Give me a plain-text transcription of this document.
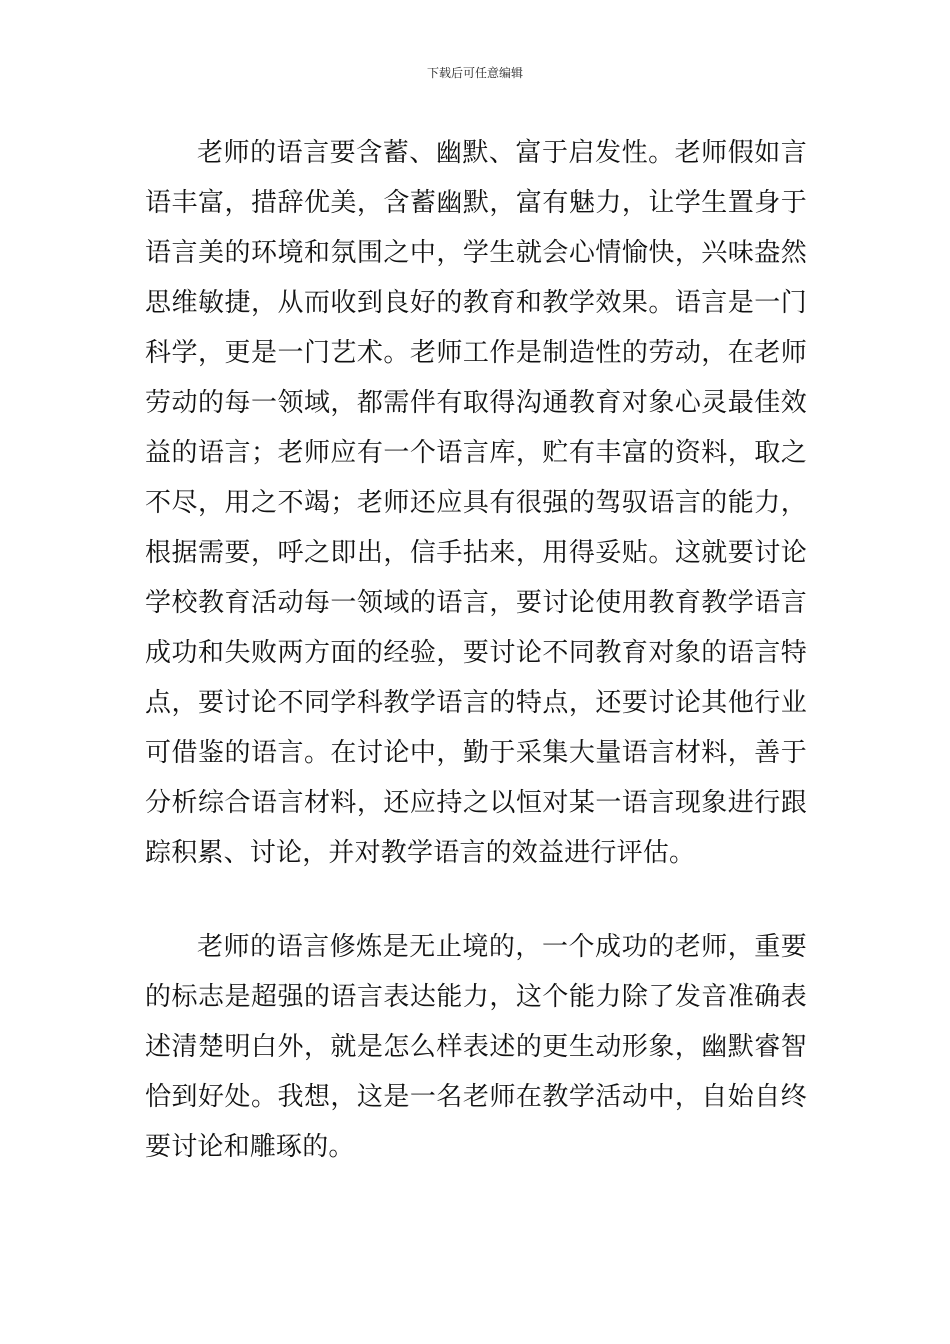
下载后可任意编辑

老师的语言要含蓄、幽默、富于启发性。老师假如言语丰富，措辞优美，含蓄幽默，富有魅力，让学生置身于语言美的环境和氛围之中，学生就会心情愉快，兴味盎然思维敏捷，从而收到良好的教育和教学效果。语言是一门科学，更是一门艺术。老师工作是制造性的劳动，在老师劳动的每一领域，都需伴有取得沟通教育对象心灵最佳效益的语言；老师应有一个语言库，贮有丰富的资料，取之不尽，用之不竭；老师还应具有很强的驾驭语言的能力，根据需要，呼之即出，信手拈来，用得妥贴。这就要讨论学校教育活动每一领域的语言，要讨论使用教育教学语言成功和失败两方面的经验，要讨论不同教育对象的语言特点，要讨论不同学科教学语言的特点，还要讨论其他行业可借鉴的语言。在讨论中，勤于采集大量语言材料，善于分析综合语言材料，还应持之以恒对某一语言现象进行跟踪积累、讨论，并对教学语言的效益进行评估。

老师的语言修炼是无止境的，一个成功的老师，重要的标志是超强的语言表达能力，这个能力除了发音准确表述清楚明白外，就是怎么样表述的更生动形象，幽默睿智恰到好处。我想，这是一名老师在教学活动中，自始自终要讨论和雕琢的。
